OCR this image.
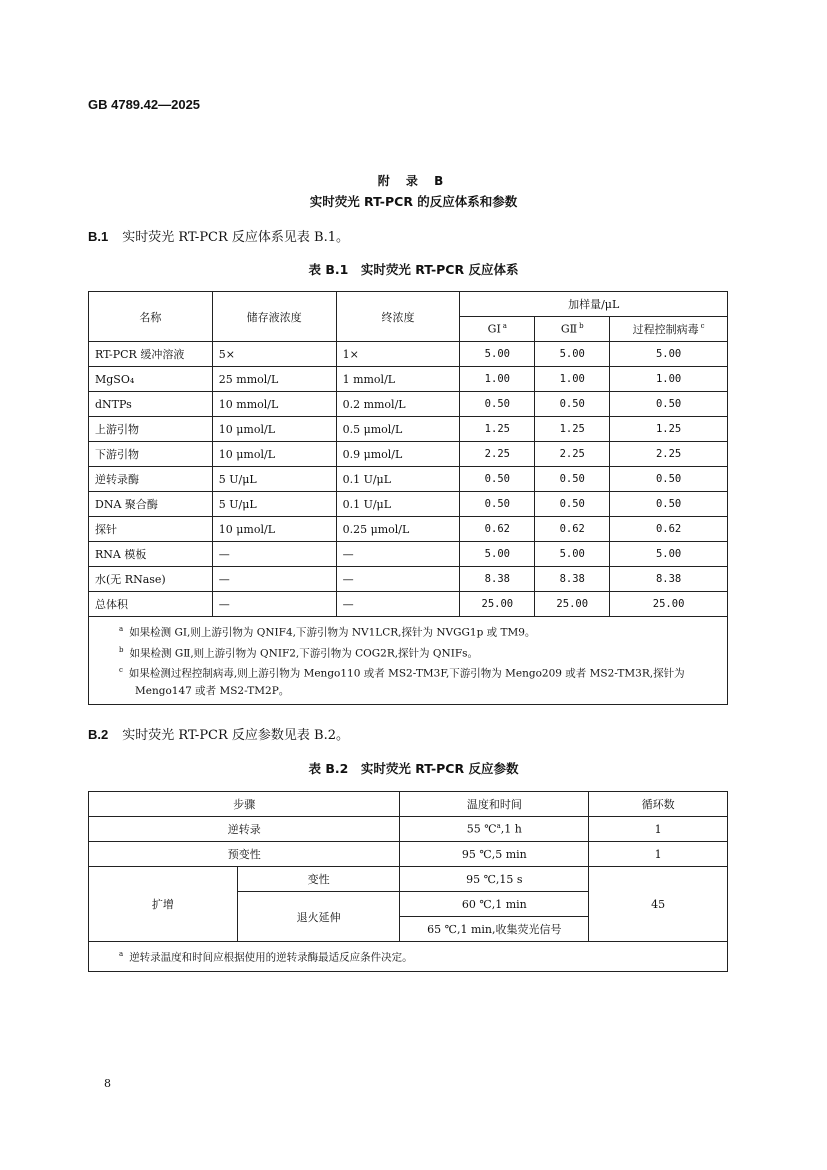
GB 4789.42—2025
附 录 B
实时荧光 RT-PCR 的反应体系和参数
B.1 实时荧光 RT-PCR 反应体系见表 B.1。
表 B.1　实时荧光 RT-PCR 反应体系
名称	储存液浓度	终浓度	加样量/μL		
			GⅠ $^a$	GⅡ $^b$	过程控制病毒 $^c$
RT-PCR 缓冲溶液	5×	1×	5.00	5.00	5.00
MgSO₄	25 mmol/L	1 mmol/L	1.00	1.00	1.00
dNTPs	10 mmol/L	0.2 mmol/L	0.50	0.50	0.50
上游引物	10 μmol/L	0.5 μmol/L	1.25	1.25	1.25
下游引物	10 μmol/L	0.9 μmol/L	2.25	2.25	2.25
逆转录酶	5 U/μL	0.1 U/μL	0.50	0.50	0.50
DNA 聚合酶	5 U/μL	0.1 U/μL	0.50	0.50	0.50
探针	10 μmol/L	0.25 μmol/L	0.62	0.62	0.62
RNA 模板	—	—	5.00	5.00	5.00
水(无 RNase)	—	—	8.38	8.38	8.38
总体积	—	—	25.00	25.00	25.00

$^a$ 如果检测 GⅠ,则上游引物为 QNIF4,下游引物为 NV1LCR,探针为 NVGG1p 或 TM9。
$^b$ 如果检测 GⅡ,则上游引物为 QNIF2,下游引物为 COG2R,探针为 QNIFs。
$^c$ 如果检测过程控制病毒,则上游引物为 Mengo110 或者 MS2-TM3F,下游引物为 Mengo209 或者 MS2-TM3R,探针为 Mengo147 或者 MS2-TM2P。					
B.2 实时荧光 RT-PCR 反应参数见表 B.2。
表 B.2　实时荧光 RT-PCR 反应参数
步骤		温度和时间	循环数
逆转录		55 ℃$^a$,1 h	1
预变性		95 ℃,5 min	1
扩增	变性	95 ℃,15 s	45
	退火延伸	60 ℃,1 min	
		65 ℃,1 min,收集荧光信号	

$^a$ 逆转录温度和时间应根据使用的逆转录酶最适反应条件决定。			
8
